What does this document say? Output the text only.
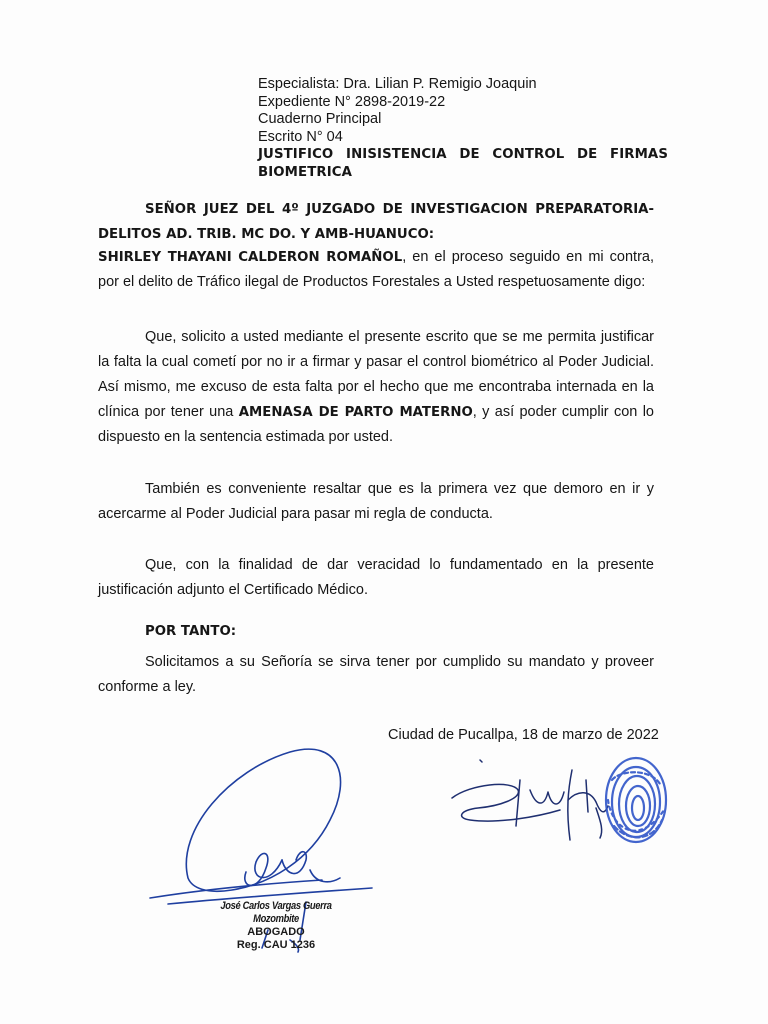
Especialista: Dra. Lilian P. Remigio Joaquin
Expediente N° 2898-2019-22
Cuaderno Principal
Escrito N° 04
JUSTIFICO INISISTENCIA DE CONTROL DE FIRMAS
BIOMETRICA
SEÑOR JUEZ DEL 4º JUZGADO DE INVESTIGACION PREPARATORIA-
DELITOS AD. TRIB. MC DO. Y AMB-HUANUCO:
SHIRLEY THAYANI CALDERON ROMAÑOL, en el proceso seguido en mi contra, por el delito de Tráfico ilegal de Productos Forestales a Usted respetuosamente digo:
Que, solicito a usted mediante el presente escrito que se me permita justificar la falta la cual cometí por no ir a firmar y pasar el control biométrico al Poder Judicial. Así mismo, me excuso de esta falta por el hecho que me encontraba internada en la clínica por tener una AMENASA DE PARTO MATERNO, y así poder cumplir con lo dispuesto en la sentencia estimada por usted.
También es conveniente resaltar que es la primera vez que demoro en ir y acercarme al Poder Judicial para pasar mi regla de conducta.
Que, con la finalidad de dar veracidad lo fundamentado en la presente justificación adjunto el Certificado Médico.
POR TANTO:
Solicitamos a su Señoría se sirva tener por cumplido su mandato y proveer conforme a ley.
Ciudad de Pucallpa, 18 de marzo de 2022
José Carlos Vargas Guerra Mozombite
ABOGADO
Reg. CAU 1236
